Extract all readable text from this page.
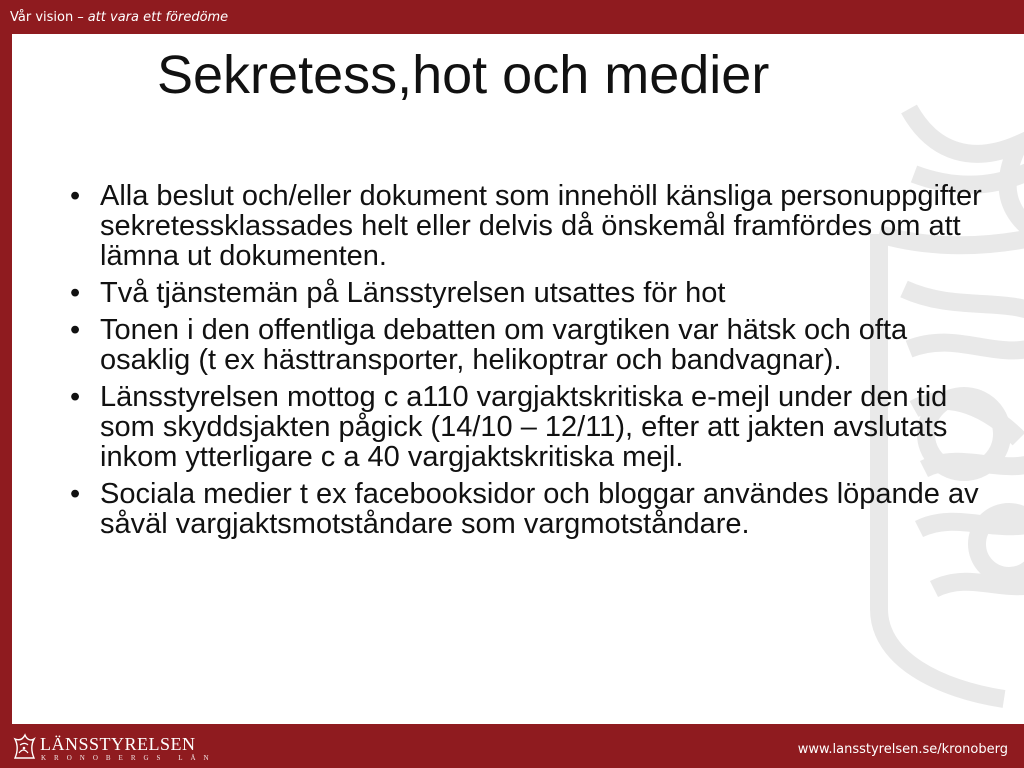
Vår vision – att vara ett föredöme
Sekretess,hot och medier
• Alla beslut och/eller dokument som innehöll känsliga personuppgifter sekretessklassades helt eller delvis då önskemål framfördes om att lämna ut dokumenten.
• Två tjänstemän på Länsstyrelsen utsattes för hot
• Tonen i den offentliga debatten om vargtiken var hätsk och ofta osaklig (t ex hästtransporter, helikoptrar och bandvagnar).
• Länsstyrelsen mottog c a110 vargjaktskritiska e-mejl under den tid som skyddsjakten pågick (14/10 – 12/11), efter att jakten avslutats inkom ytterligare c a 40 vargjaktskritiska mejl.
• Sociala medier t ex facebooksidor och bloggar användes löpande av såväl vargjaktsmotståndare som vargmotståndare.
LÄNSSTYRELSEN
KRONOBERGS LÄN
www.lansstyrelsen.se/kronoberg
